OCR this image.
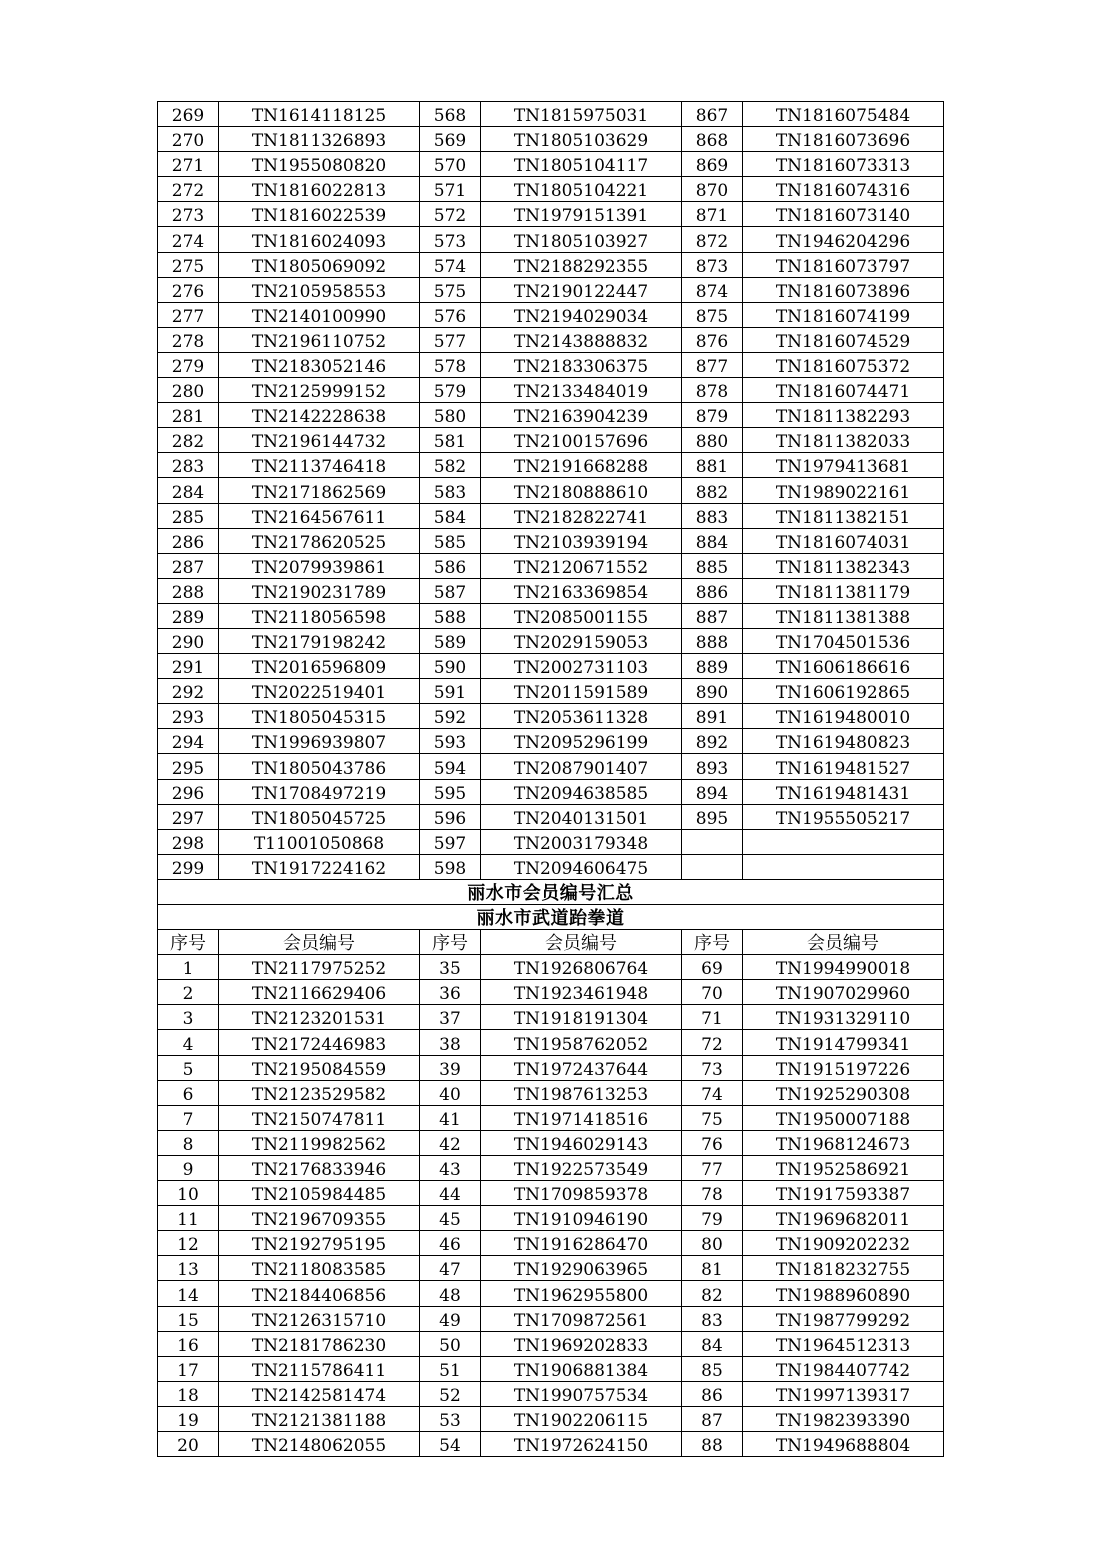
269	TN1614118125	568	TN1815975031	867	TN1816075484
270	TN1811326893	569	TN1805103629	868	TN1816073696
271	TN1955080820	570	TN1805104117	869	TN1816073313
272	TN1816022813	571	TN1805104221	870	TN1816074316
273	TN1816022539	572	TN1979151391	871	TN1816073140
274	TN1816024093	573	TN1805103927	872	TN1946204296
275	TN1805069092	574	TN2188292355	873	TN1816073797
276	TN2105958553	575	TN2190122447	874	TN1816073896
277	TN2140100990	576	TN2194029034	875	TN1816074199
278	TN2196110752	577	TN2143888832	876	TN1816074529
279	TN2183052146	578	TN2183306375	877	TN1816075372
280	TN2125999152	579	TN2133484019	878	TN1816074471
281	TN2142228638	580	TN2163904239	879	TN1811382293
282	TN2196144732	581	TN2100157696	880	TN1811382033
283	TN2113746418	582	TN2191668288	881	TN1979413681
284	TN2171862569	583	TN2180888610	882	TN1989022161
285	TN2164567611	584	TN2182822741	883	TN1811382151
286	TN2178620525	585	TN2103939194	884	TN1816074031
287	TN2079939861	586	TN2120671552	885	TN1811382343
288	TN2190231789	587	TN2163369854	886	TN1811381179
289	TN2118056598	588	TN2085001155	887	TN1811381388
290	TN2179198242	589	TN2029159053	888	TN1704501536
291	TN2016596809	590	TN2002731103	889	TN1606186616
292	TN2022519401	591	TN2011591589	890	TN1606192865
293	TN1805045315	592	TN2053611328	891	TN1619480010
294	TN1996939807	593	TN2095296199	892	TN1619480823
295	TN1805043786	594	TN2087901407	893	TN1619481527
296	TN1708497219	595	TN2094638585	894	TN1619481431
297	TN1805045725	596	TN2040131501	895	TN1955505217
298	T11001050868	597	TN2003179348		
299	TN1917224162	598	TN2094606475		
丽水市会员编号汇总					
丽水市武道跆拳道					
序号	会员编号	序号	会员编号	序号	会员编号
1	TN2117975252	35	TN1926806764	69	TN1994990018
2	TN2116629406	36	TN1923461948	70	TN1907029960
3	TN2123201531	37	TN1918191304	71	TN1931329110
4	TN2172446983	38	TN1958762052	72	TN1914799341
5	TN2195084559	39	TN1972437644	73	TN1915197226
6	TN2123529582	40	TN1987613253	74	TN1925290308
7	TN2150747811	41	TN1971418516	75	TN1950007188
8	TN2119982562	42	TN1946029143	76	TN1968124673
9	TN2176833946	43	TN1922573549	77	TN1952586921
10	TN2105984485	44	TN1709859378	78	TN1917593387
11	TN2196709355	45	TN1910946190	79	TN1969682011
12	TN2192795195	46	TN1916286470	80	TN1909202232
13	TN2118083585	47	TN1929063965	81	TN1818232755
14	TN2184406856	48	TN1962955800	82	TN1988960890
15	TN2126315710	49	TN1709872561	83	TN1987799292
16	TN2181786230	50	TN1969202833	84	TN1964512313
17	TN2115786411	51	TN1906881384	85	TN1984407742
18	TN2142581474	52	TN1990757534	86	TN1997139317
19	TN2121381188	53	TN1902206115	87	TN1982393390
20	TN2148062055	54	TN1972624150	88	TN1949688804
